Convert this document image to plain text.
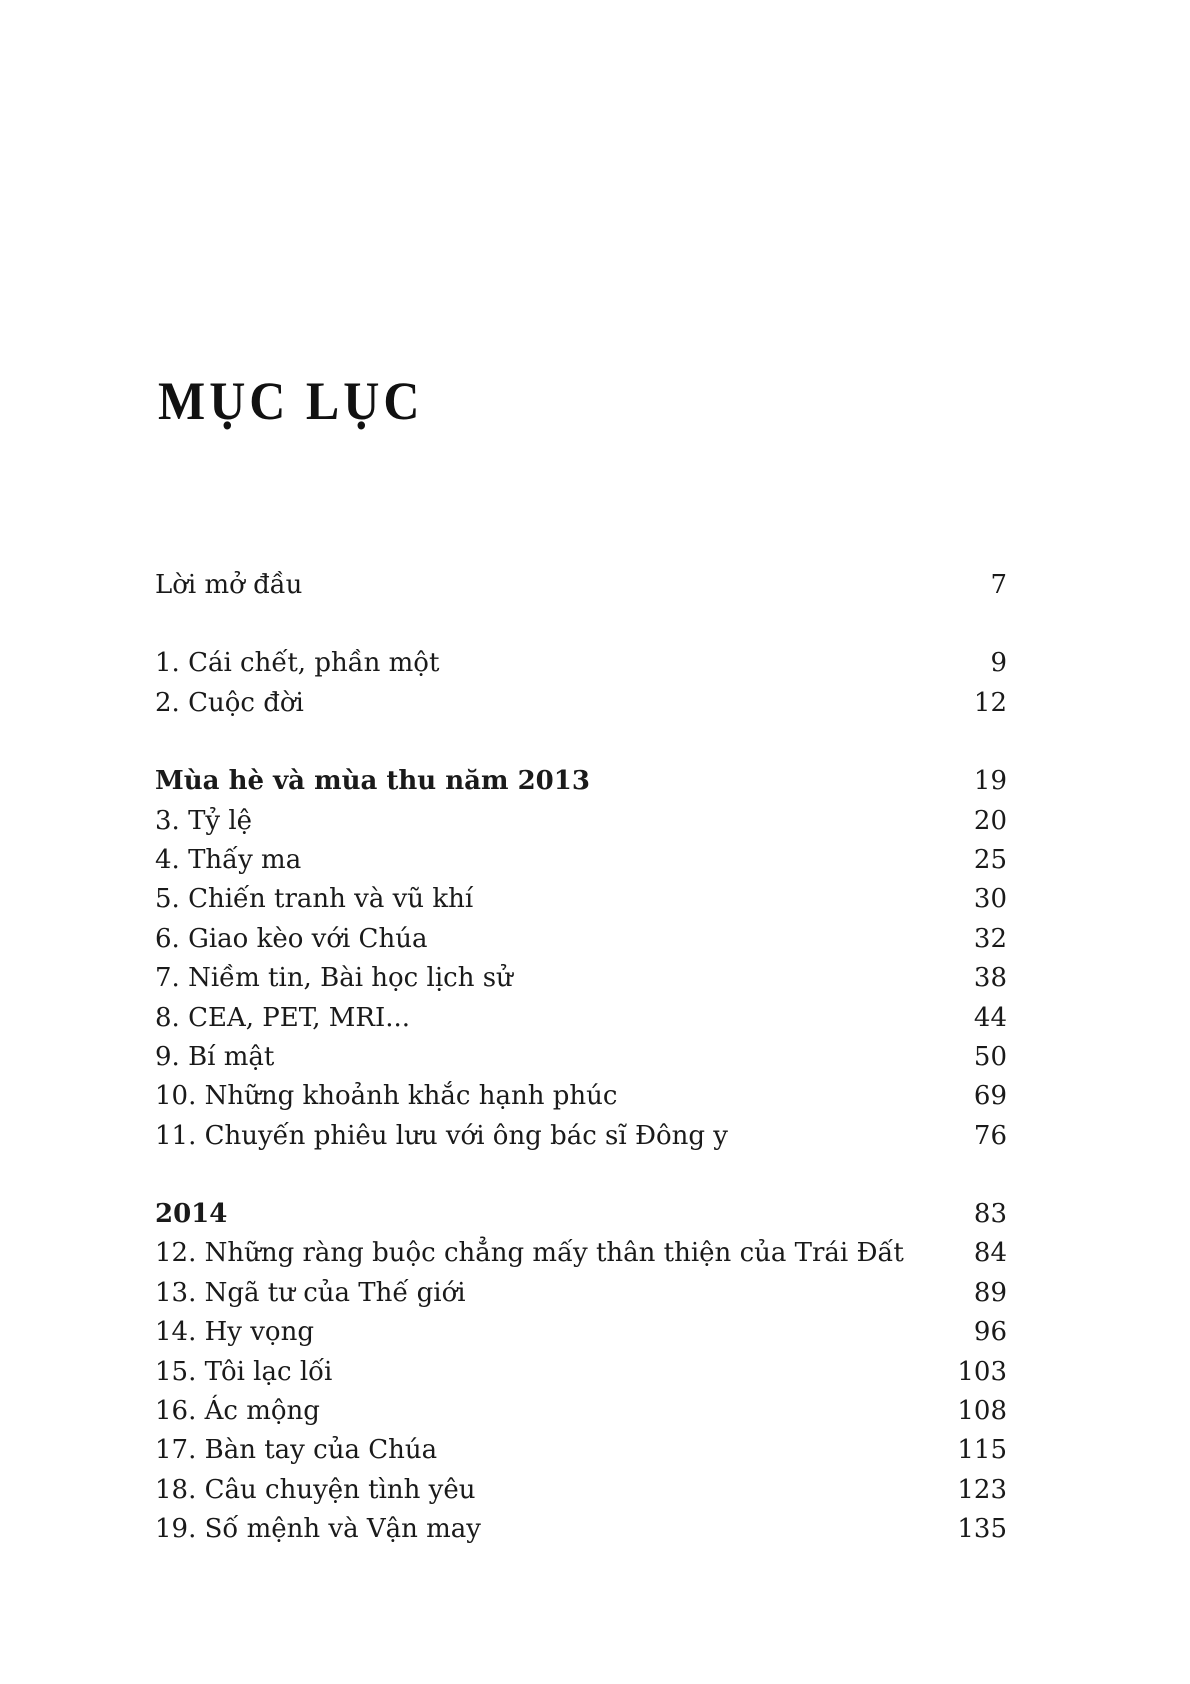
MỤC LỤC
Lời mở đầu	7
1. Cái chết, phần một	9
2. Cuộc đời	12
Mùa hè và mùa thu năm 2013	19
3. Tỷ lệ	20
4. Thấy ma	25
5. Chiến tranh và vũ khí	30
6. Giao kèo với Chúa	32
7. Niềm tin, Bài học lịch sử	38
8. CEA, PET, MRI...	44
9. Bí mật	50
10. Những khoảnh khắc hạnh phúc	69
11. Chuyến phiêu lưu với ông bác sĩ Đông y	76
2014	83
12. Những ràng buộc chẳng mấy thân thiện của Trái Đất	84
13. Ngã tư của Thế giới	89
14. Hy vọng	96
15. Tôi lạc lối	103
16. Ác mộng	108
17. Bàn tay của Chúa	115
18. Câu chuyện tình yêu	123
19. Số mệnh và Vận may	135
